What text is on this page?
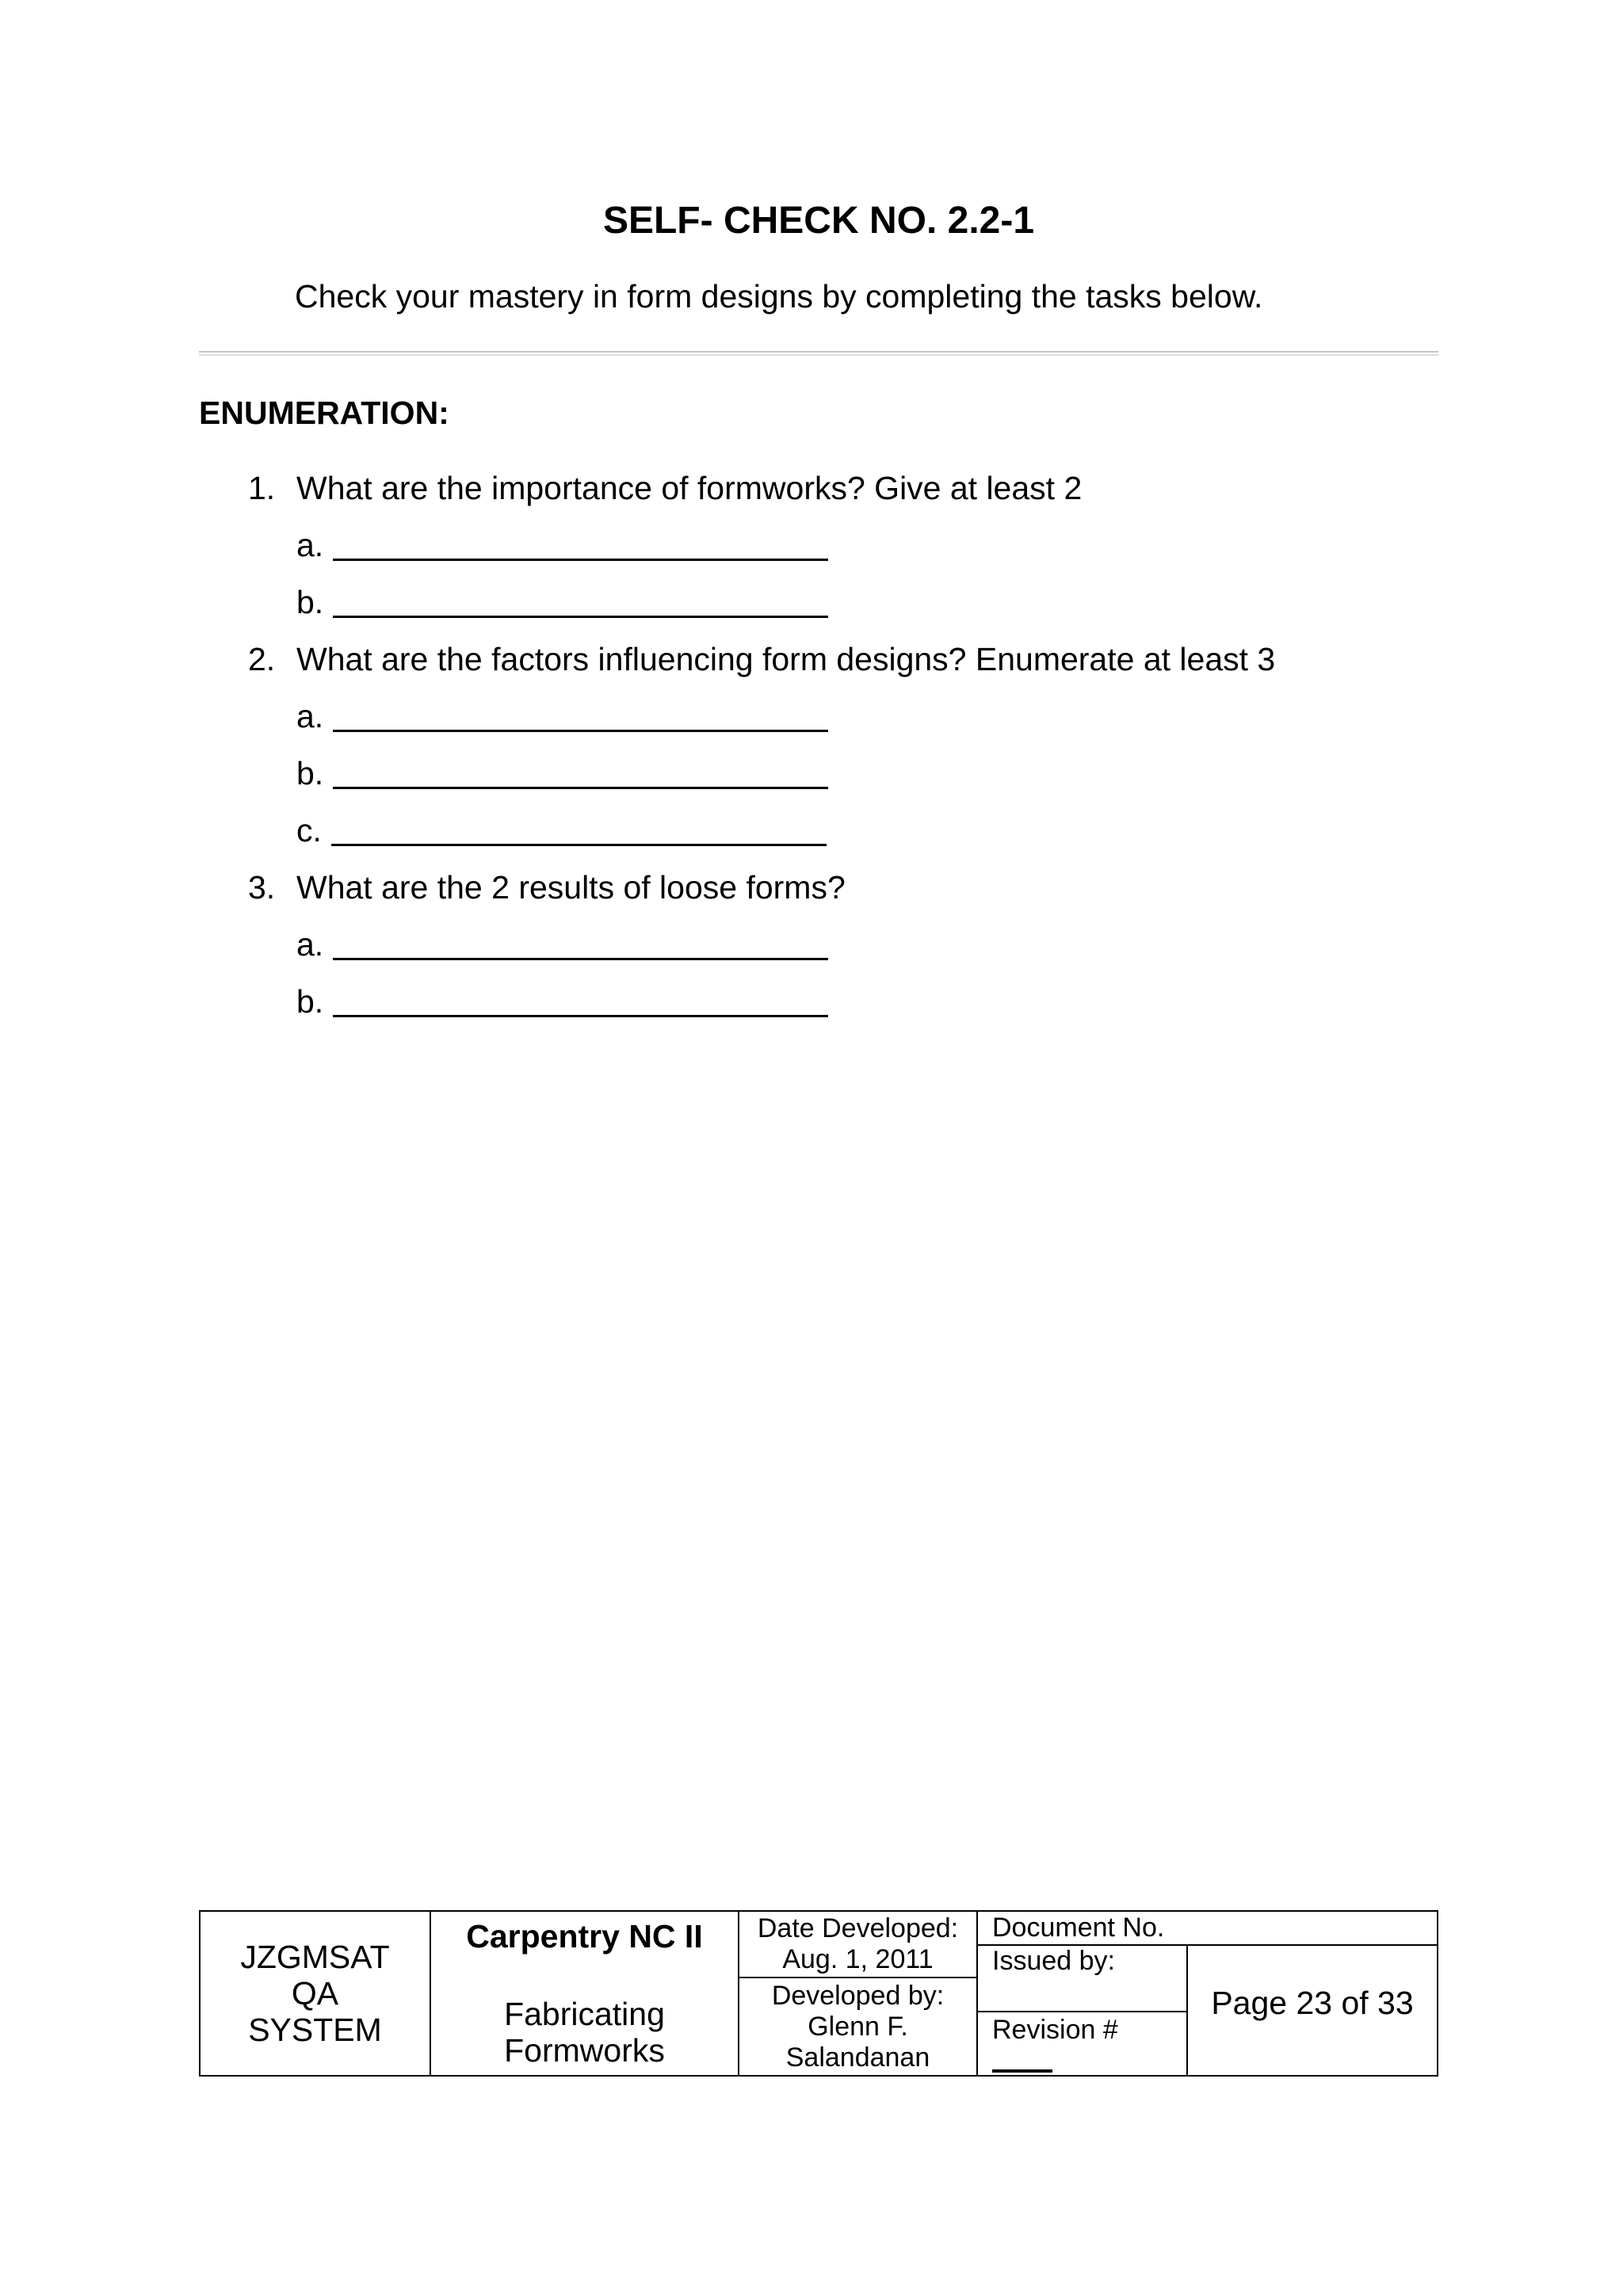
SELF- CHECK NO. 2.2-1
Check your mastery in form designs by completing the tasks below.
ENUMERATION:
1. What are the importance of formworks? Give at least 2
a.
b.
2. What are the factors influencing form designs? Enumerate at least 3
a.
b.
c.
3. What are the 2 results of loose forms?
a.
b.
JZGMSAT QA SYSTEM
Carpentry NC II
Fabricating Formworks
Date Developed:
Aug. 1, 2011
Developed by:
Glenn F. Salandanan
Document No.
Issued by:
Revision #
Page 23 of 33
